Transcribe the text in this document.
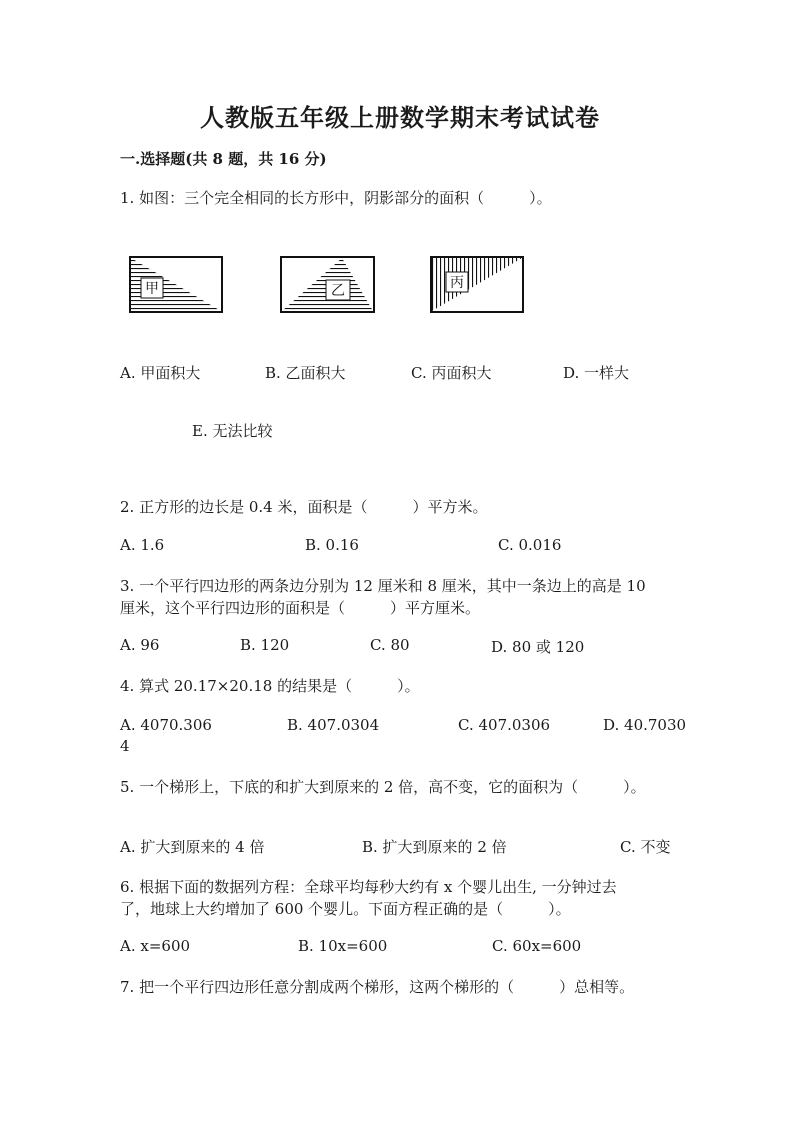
人教版五年级上册数学期末考试试卷
一.选择题(共 8 题，共 16 分)
1. 如图：三个完全相同的长方形中，阴影部分的面积（　　　）。
甲	乙	丙
A. 甲面积大	B. 乙面积大	C. 丙面积大	D. 一样大
E. 无法比较
2. 正方形的边长是 0.4 米，面积是（　　　）平方米。
A. 1.6	B. 0.16	C. 0.016
3. 一个平行四边形的两条边分别为 12 厘米和 8 厘米，其中一条边上的高是 10
厘米，这个平行四边形的面积是（　　　）平方厘米。
A. 96	B. 120	C. 80	D. 80 或 120
4. 算式 20.17×20.18 的结果是（　　　）。
A. 4070.306	B. 407.0304	C. 407.0306	D. 40.7030
4
5. 一个梯形上，下底的和扩大到原来的 2 倍，高不变，它的面积为（　　　）。
A. 扩大到原来的 4 倍	B. 扩大到原来的 2 倍	C. 不变
6. 根据下面的数据列方程：全球平均每秒大约有 x 个婴儿出生, 一分钟过去
了，地球上大约增加了 600 个婴儿。下面方程正确的是（　　　）。
A. x=600	B. 10x=600	C. 60x=600
7. 把一个平行四边形任意分割成两个梯形，这两个梯形的（　　　）总相等。
